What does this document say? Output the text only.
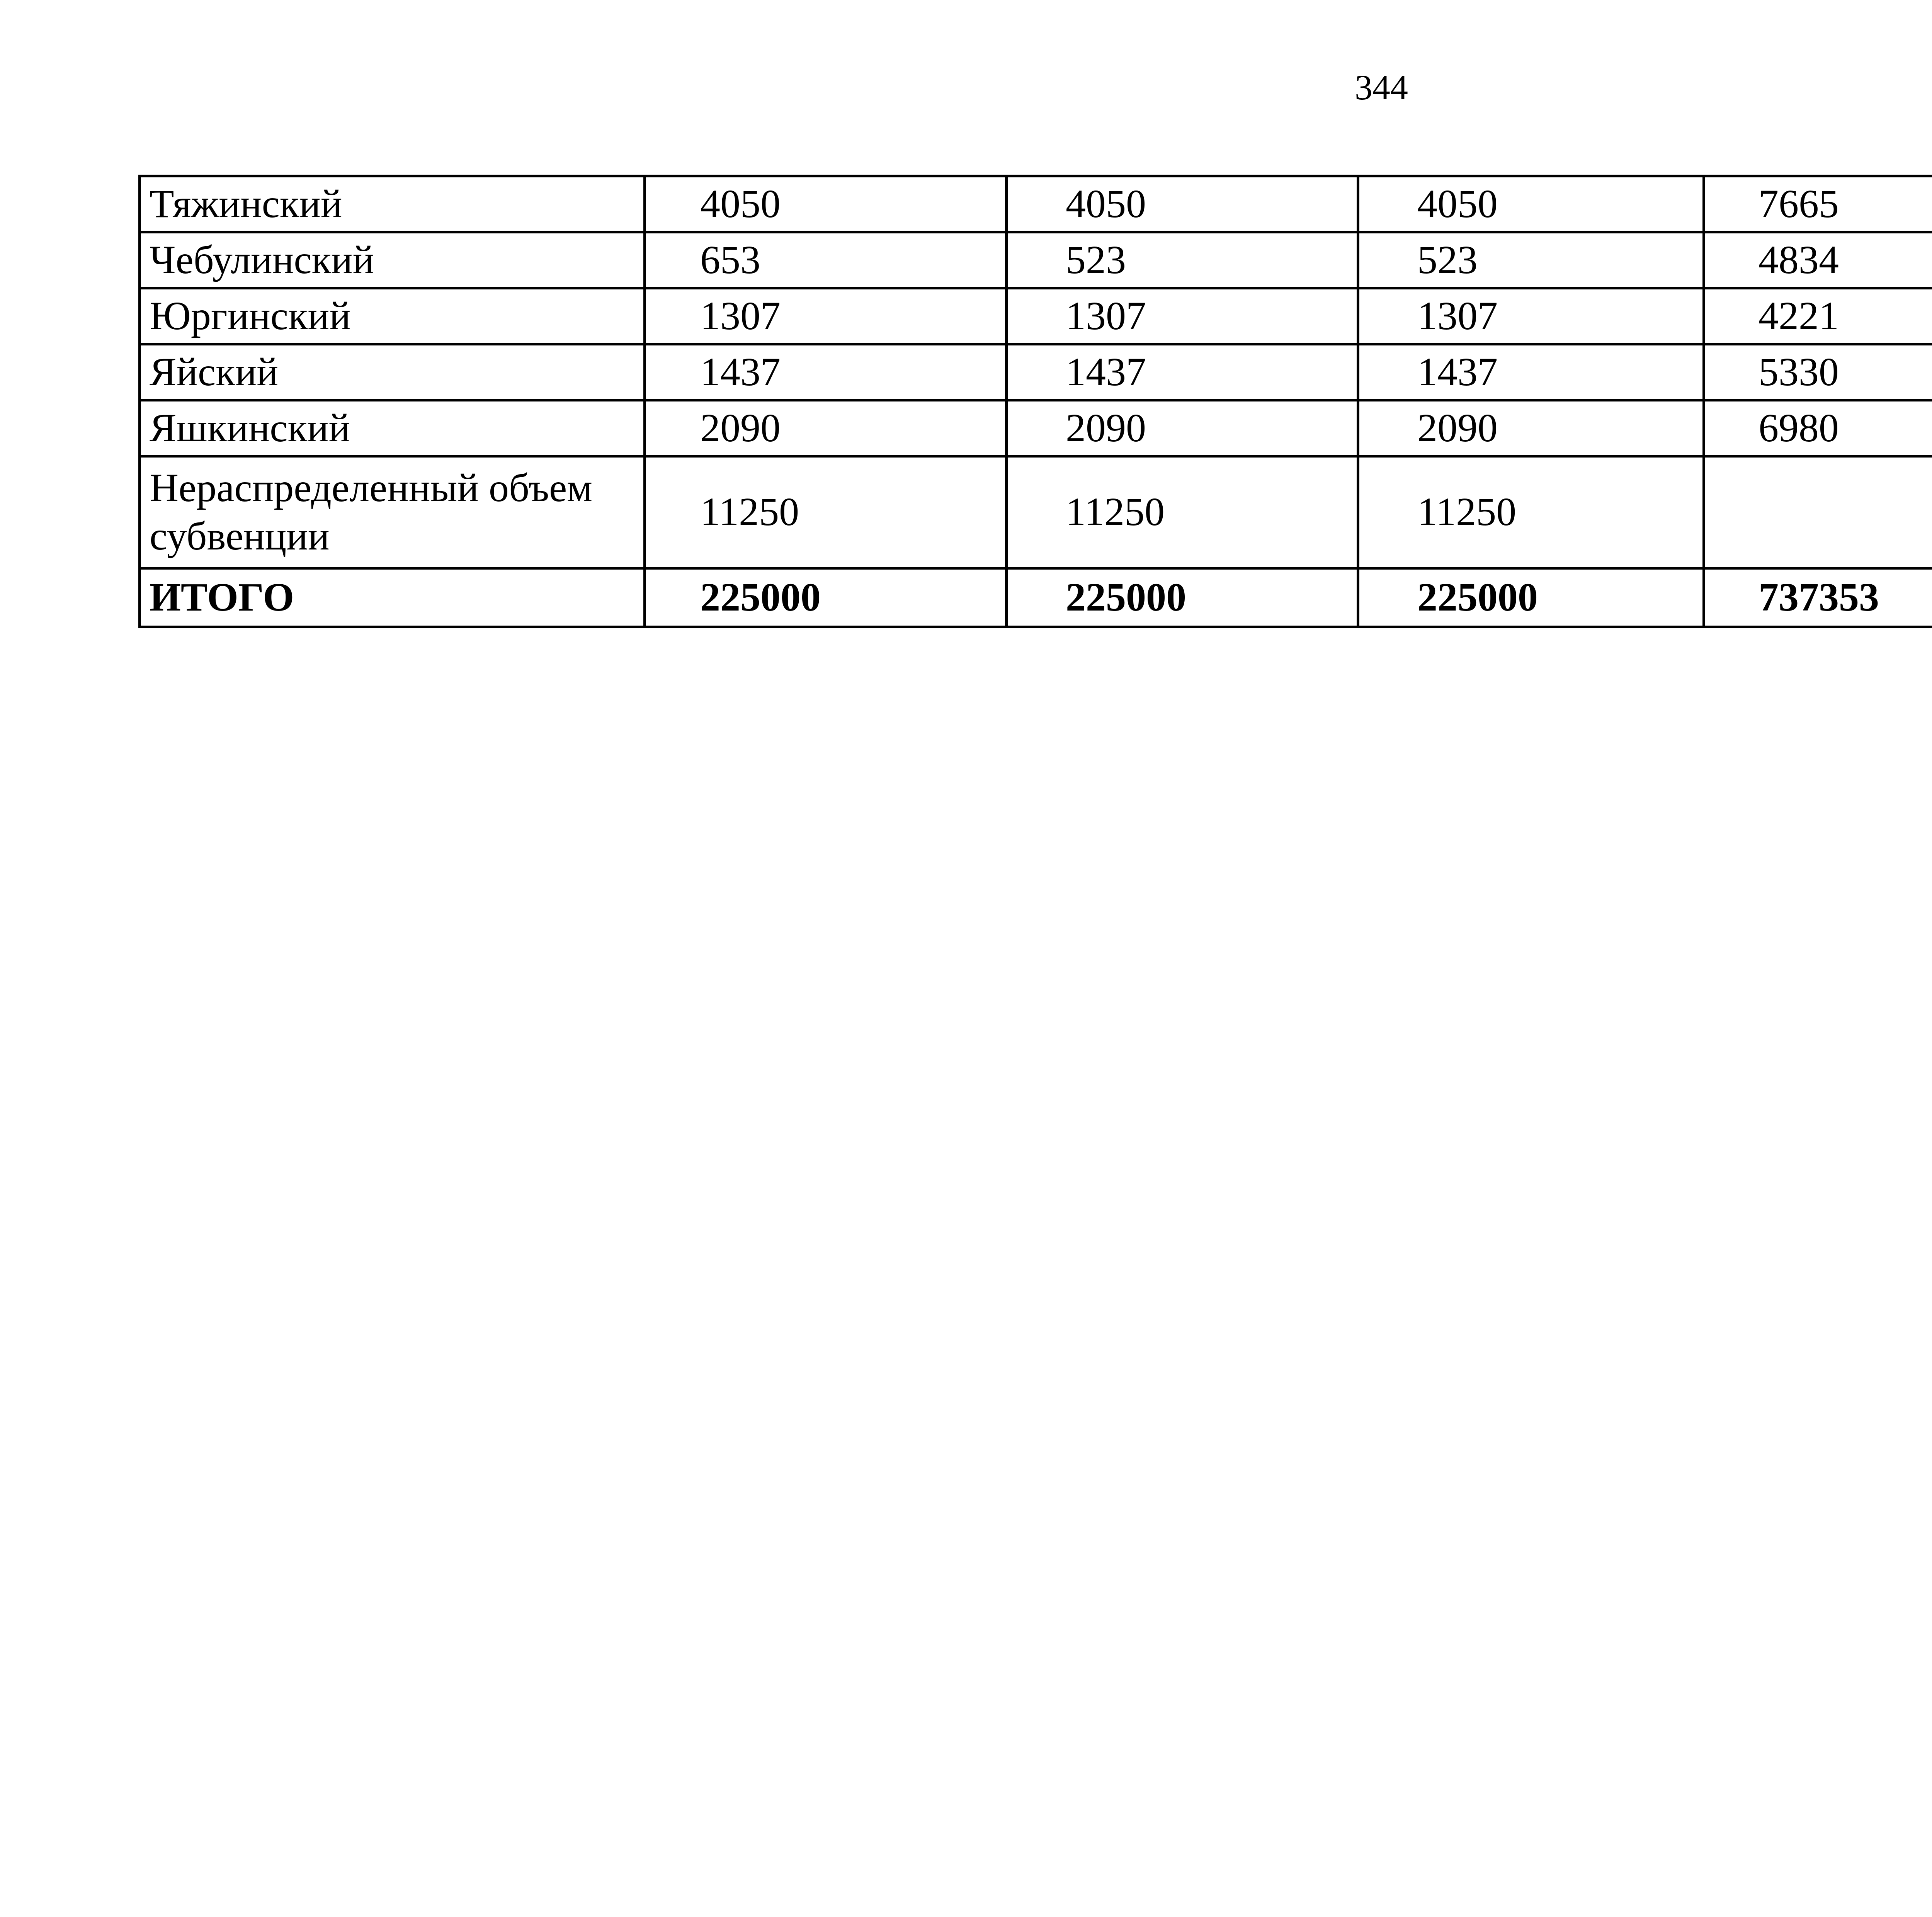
344
Тяжинский	4050	4050	4050	7665		
Чебулинский	653	523	523	4834		
Юргинский	1307	1307	1307	4221		
Яйский	1437	1437	1437	5330		
Яшкинский	2090	2090	2090	6980		
Нераспределенный объем субвенции	11250	11250	11250			
ИТОГО	225000	225000	225000	737353		
